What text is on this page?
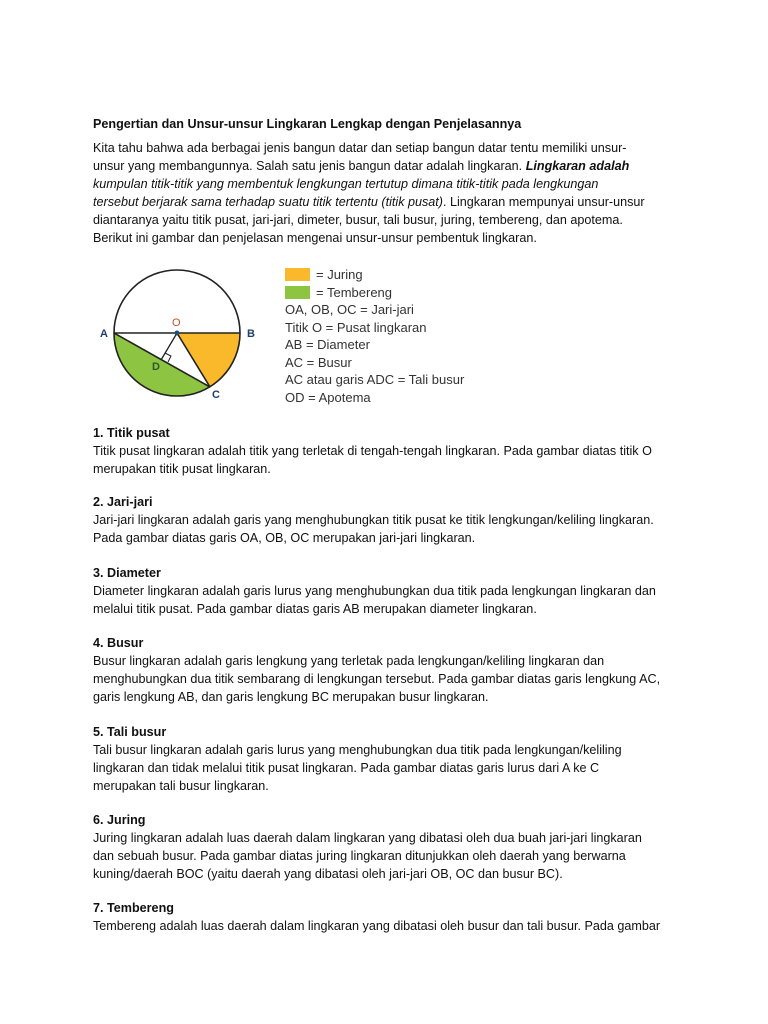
Pengertian dan Unsur-unsur Lingkaran Lengkap dengan Penjelasannya
Kita tahu bahwa ada berbagai jenis bangun datar dan setiap bangun datar tentu memiliki unsur-
unsur yang membangunnya. Salah satu jenis bangun datar adalah lingkaran. Lingkaran adalah
kumpulan titik-titik yang membentuk lengkungan tertutup dimana titik-titik pada lengkungan
tersebut berjarak sama terhadap suatu titik tertentu (titik pusat). Lingkaran mempunyai unsur-unsur
diantaranya yaitu titik pusat, jari-jari, dimeter, busur, tali busur, juring, tembereng, dan apotema.
Berikut ini gambar dan penjelasan mengenai unsur-unsur pembentuk lingkaran.
O
A	B
C
D
= Juring
= Tembereng
OA, OB, OC = Jari-jari
Titik O = Pusat lingkaran
AB = Diameter
AC = Busur
AC atau garis ADC = Tali busur
OD = Apotema
1. Titik pusat
Titik pusat lingkaran adalah titik yang terletak di tengah-tengah lingkaran. Pada gambar diatas titik O
merupakan titik pusat lingkaran.
2. Jari-jari
Jari-jari lingkaran adalah garis yang menghubungkan titik pusat ke titik lengkungan/keliling lingkaran.
Pada gambar diatas garis OA, OB, OC merupakan jari-jari lingkaran.
3. Diameter
Diameter lingkaran adalah garis lurus yang menghubungkan dua titik pada lengkungan lingkaran dan
melalui titik pusat. Pada gambar diatas garis AB merupakan diameter lingkaran.
4. Busur
Busur lingkaran adalah garis lengkung yang terletak pada lengkungan/keliling lingkaran dan
menghubungkan dua titik sembarang di lengkungan tersebut. Pada gambar diatas garis lengkung AC,
garis lengkung AB, dan garis lengkung BC merupakan busur lingkaran.
5. Tali busur
Tali busur lingkaran adalah garis lurus yang menghubungkan dua titik pada lengkungan/keliling
lingkaran dan tidak melalui titik pusat lingkaran. Pada gambar diatas garis lurus dari A ke C
merupakan tali busur lingkaran.
6. Juring
Juring lingkaran adalah luas daerah dalam lingkaran yang dibatasi oleh dua buah jari-jari lingkaran
dan sebuah busur. Pada gambar diatas juring lingkaran ditunjukkan oleh daerah yang berwarna
kuning/daerah BOC (yaitu daerah yang dibatasi oleh jari-jari OB, OC dan busur BC).
7. Tembereng
Tembereng adalah luas daerah dalam lingkaran yang dibatasi oleh busur dan tali busur. Pada gambar
